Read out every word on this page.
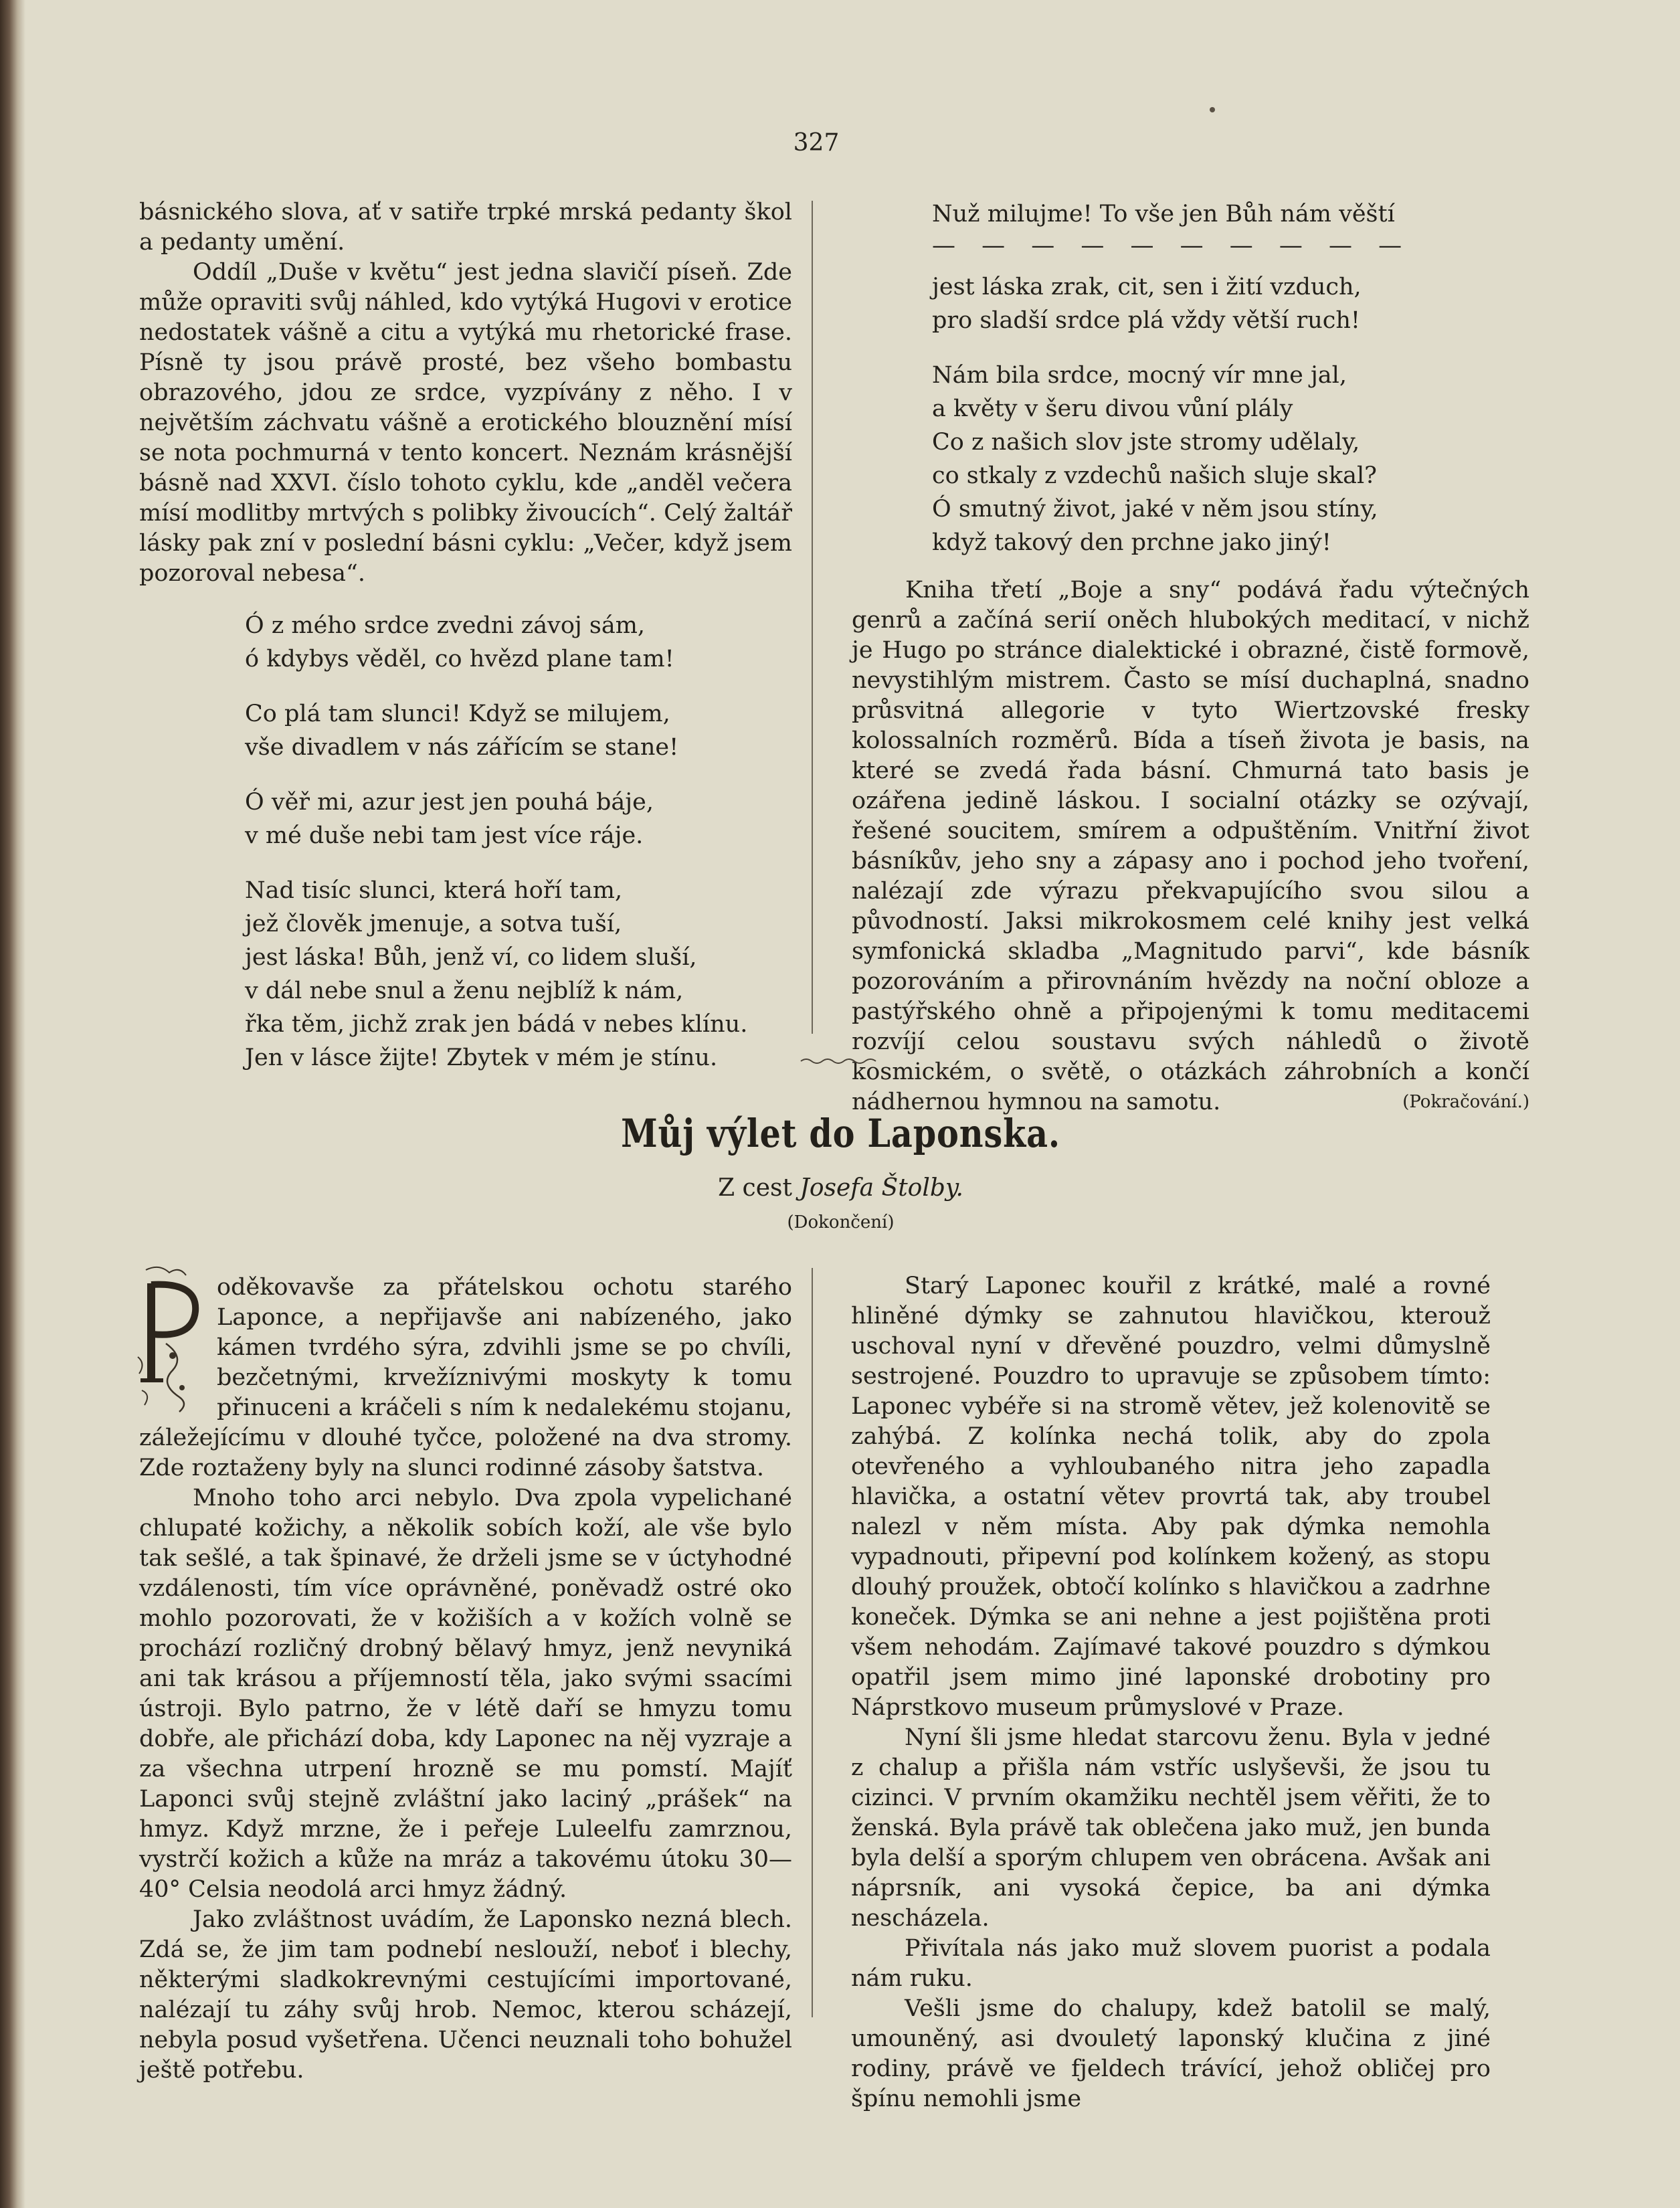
327

básnického slova, ať v satiře trpké mrská pedanty škol a pedanty umění.

Oddíl „Duše v květu“ jest jedna slavičí píseň. Zde může opraviti svůj náhled, kdo vytýká Hugovi v erotice nedostatek vášně a citu a vytýká mu rhetorické frase. Písně ty jsou právě prosté, bez všeho bombastu obrazového, jdou ze srdce, vyzpívány z něho. I v největším záchvatu vášně a erotického blouznění mísí se nota pochmurná v tento koncert. Neznám krásnější básně nad XXVI. číslo tohoto cyklu, kde „anděl večera mísí modlitby mrtvých s polibky živoucích“. Celý žaltář lásky pak zní v poslední básni cyklu: „Večer, když jsem pozoroval nebesa“.

Ó z mého srdce zvedni závoj sám,
ó kdybys věděl, co hvězd plane tam!
Co plá tam slunci! Když se milujem,
vše divadlem v nás zářícím se stane!
Ó věř mi, azur jest jen pouhá báje,
v mé duše nebi tam jest více ráje.
Nad tisíc slunci, která hoří tam,
jež člověk jmenuje, a sotva tuší,
jest láska! Bůh, jenž ví, co lidem sluší,
v dál nebe snul a ženu nejblíž k nám,
řka těm, jichž zrak jen bádá v nebes klínu.
Jen v lásce žijte! Zbytek v mém je stínu.
Nuž milujme! To vše jen Bůh nám věští
— — — — — — — — — —
jest láska zrak, cit, sen i žití vzduch,
pro sladší srdce plá vždy větší ruch!
Nám bila srdce, mocný vír mne jal,
a květy v šeru divou vůní plály
Co z našich slov jste stromy udělaly,
co stkaly z vzdechů našich sluje skal?
Ó smutný život, jaké v něm jsou stíny,
když takový den prchne jako jiný!

Kniha třetí „Boje a sny“ podává řadu výtečných genrů a začíná serií oněch hlubokých meditací, v nichž je Hugo po stránce dialektické i obrazné, čistě formově, nevystihlým mistrem. Často se mísí duchaplná, snadno průsvitná allegorie v tyto Wiertzovské fresky kolossalních rozměrů. Bída a tíseň života je basis, na které se zvedá řada básní. Chmurná tato basis je ozářena jedině láskou. I socialní otázky se ozývají, řešené soucitem, smírem a odpuštěním. Vnitřní život básníkův, jeho sny a zápasy ano i pochod jeho tvoření, nalézají zde výrazu překvapujícího svou silou a původností. Jaksi mikrokosmem celé knihy jest velká symfonická skladba „Magnitudo parvi“, kde básník pozorováním a přirovnáním hvězdy na noční obloze a pastýřského ohně a připojenými k tomu meditacemi rozvíjí celou soustavu svých náhledů o životě kosmickém, o světě, o otázkách záhrobních a končí nádhernou hymnou na samotu.	(Pokračování.)

Můj výlet do Laponska.
Z cest Josefa Štolby.
(Dokončení)

oděkovavše za přátelskou ochotu starého Laponce, a nepřijavše ani nabízeného, jako kámen tvrdého sýra, zdvihli jsme se po chvíli, bezčetnými, krvežíznivými moskyty k tomu přinuceni a kráčeli s ním k nedalekému stojanu, záležejícímu v dlouhé tyčce, položené na dva stromy. Zde roztaženy byly na slunci rodinné zásoby šatstva.

Mnoho toho arci nebylo. Dva zpola vypelichané chlupaté kožichy, a několik sobích koží, ale vše bylo tak sešlé, a tak špinavé, že drželi jsme se v úctyhodné vzdálenosti, tím více oprávněné, poněvadž ostré oko mohlo pozorovati, že v kožiších a v kožích volně se prochází rozličný drobný bělavý hmyz, jenž nevyniká ani tak krásou a příjemností těla, jako svými ssacími ústroji. Bylo patrno, že v létě daří se hmyzu tomu dobře, ale přichází doba, kdy Laponec na něj vyzraje a za všechna utrpení hrozně se mu pomstí. Majíť Laponci svůj stejně zvláštní jako laciný „prášek“ na hmyz. Když mrzne, že i peřeje Luleelfu zamrznou, vystrčí kožich a kůže na mráz a takovému útoku 30—40° Celsia neodolá arci hmyz žádný.

Jako zvláštnost uvádím, že Laponsko nezná blech. Zdá se, že jim tam podnebí neslouží, neboť i blechy, některými sladkokrevnými cestujícími importované, nalézají tu záhy svůj hrob. Nemoc, kterou scházejí, nebyla posud vyšetřena. Učenci neuznali toho bohužel ještě potřebu.

Starý Laponec kouřil z krátké, malé a rovné hliněné dýmky se zahnutou hlavičkou, kterouž uschoval nyní v dřevěné pouzdro, velmi důmyslně sestrojené. Pouzdro to upravuje se způsobem tímto: Laponec vybéře si na stromě větev, jež kolenovitě se zahýbá. Z kolínka nechá tolik, aby do zpola otevřeného a vyhloubaného nitra jeho zapadla hlavička, a ostatní větev provrtá tak, aby troubel nalezl v něm místa. Aby pak dýmka nemohla vypadnouti, připevní pod kolínkem kožený, as stopu dlouhý proužek, obtočí kolínko s hlavičkou a zadrhne koneček. Dýmka se ani nehne a jest pojištěna proti všem nehodám. Zajímavé takové pouzdro s dýmkou opatřil jsem mimo jiné laponské drobotiny pro Náprstkovo museum průmyslové v Praze.

Nyní šli jsme hledat starcovu ženu. Byla v jedné z chalup a přišla nám vstříc uslyševši, že jsou tu cizinci. V prvním okamžiku nechtěl jsem věřiti, že to ženská. Byla právě tak oblečena jako muž, jen bunda byla delší a sporým chlupem ven obrácena. Avšak ani náprsník, ani vysoká čepice, ba ani dýmka nescházela.

Přivítala nás jako muž slovem puorist a podala nám ruku.

Vešli jsme do chalupy, kdež batolil se malý, umouněný, asi dvouletý laponský klučina z jiné rodiny, právě ve fjeldech trávící, jehož obličej pro špínu nemohli jsme
